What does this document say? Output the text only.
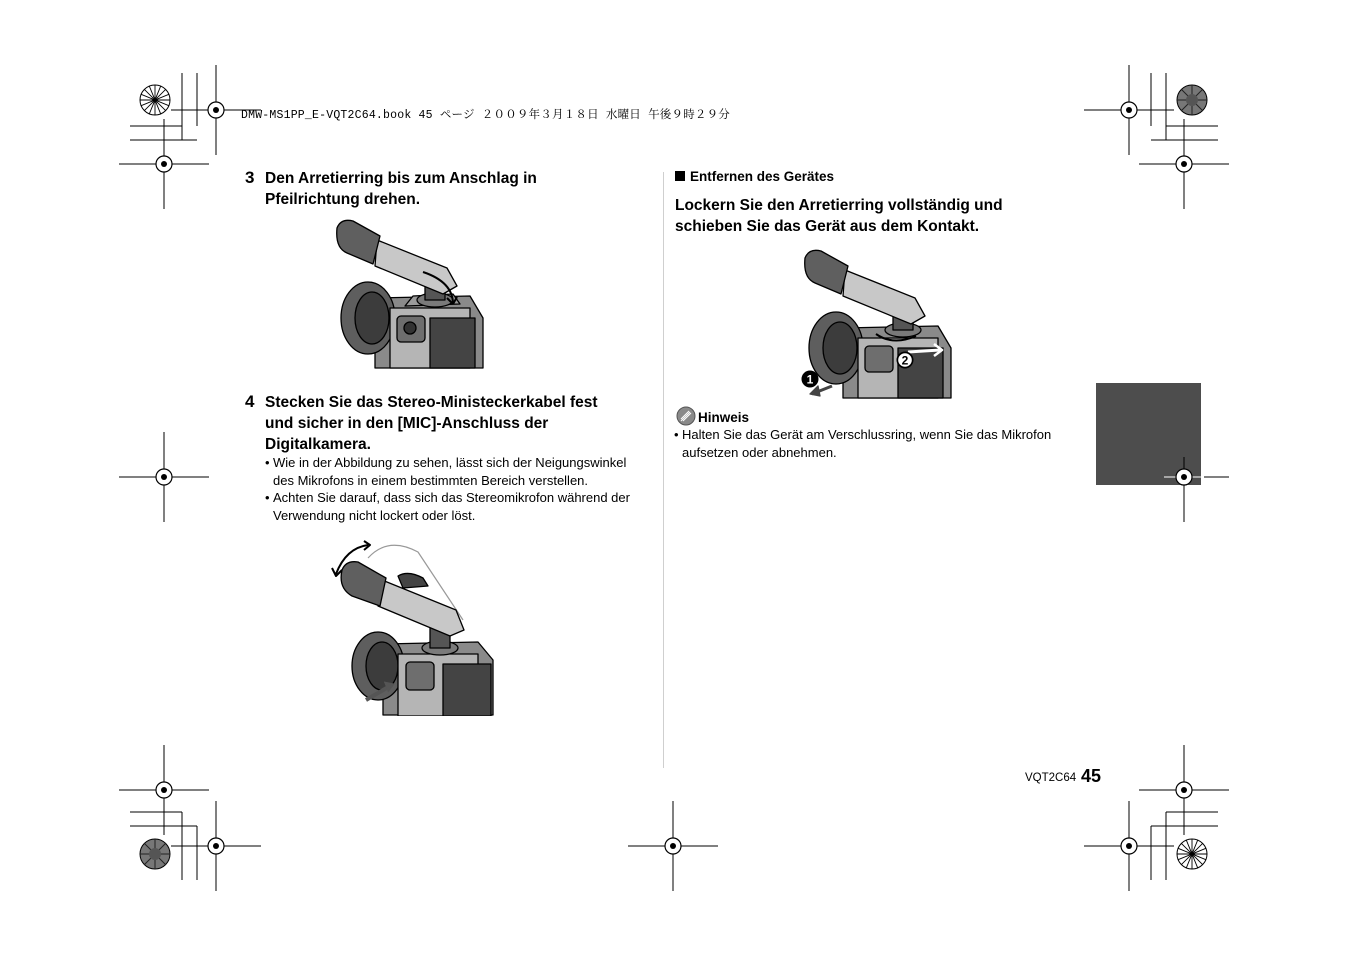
DMW-MS1PP_E-VQT2C64.book 45 ページ ２００９年３月１８日 水曜日 午後９時２９分
3 Den Arretierring bis zum Anschlag in
Pfeilrichtung drehen.
4 Stecken Sie das Stereo-Ministeckerkabel fest
und sicher in den [MIC]-Anschluss der
Digitalkamera.
• Wie in der Abbildung zu sehen, lässt sich der Neigungswinkel
des Mikrofons in einem bestimmten Bereich verstellen.
• Achten Sie darauf, dass sich das Stereomikrofon während der
Verwendung nicht lockert oder löst.
Entfernen des Gerätes
Lockern Sie den Arretierring vollständig und
schieben Sie das Gerät aus dem Kontakt.
1
2
Hinweis
• Halten Sie das Gerät am Verschlussring, wenn Sie das Mikrofon
aufsetzen oder abnehmen.
VQT2C64 45
